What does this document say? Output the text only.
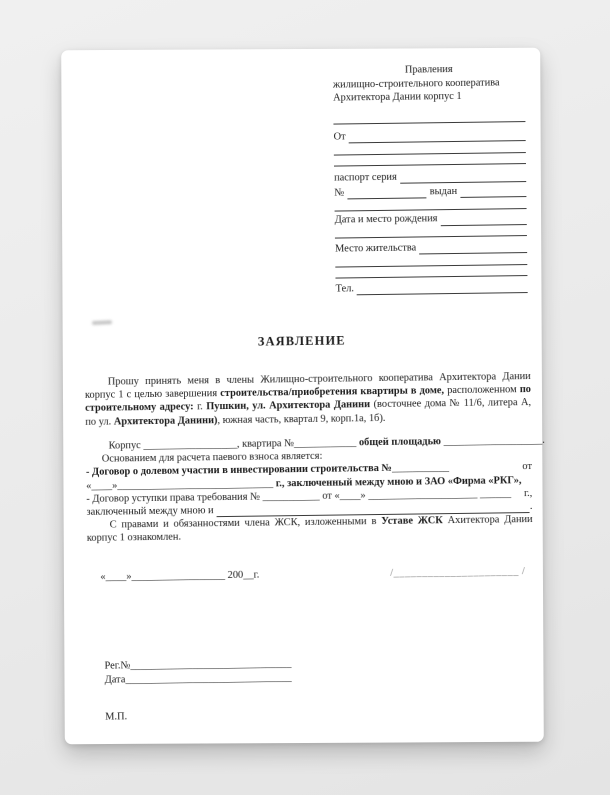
Правления
жилищно-строительного кооператива
Архитектора Дании корпус 1
От
паспорт серия
№	выдан
Дата и место рождения
Место жительства
Тел.
ЗАЯВЛЕНИЕ
Прошу принять меня в члены Жилищно-строительного кооператива Архитектора Дании корпус 1 с целью завершения строительства/приобретения квартиры в доме, расположенном по строительному адресу: г. Пушкин, ул. Архитектора Данини (восточнее дома № 11/6, литера А, по ул. Архитектора Данини), южная часть, квартал 9, корп.1а, 1б).
Корпус __________________, квартира №____________ общей площадью ___________________.
Основанием для расчета паевого взноса является:
- Договор о долевом участии в инвестировании строительства №___________	от
«____»______________________________ г., заключенный между мною и ЗАО «Фирма «РКГ»,
- Договор уступки права требования № ___________ от «____» _____________________ ______ г.,
заключенный между мною и	.
С правами и обязанностями члена ЖСК, изложенными в Уставе ЖСК Ахитектора Дании корпус 1 ознакомлен.
«____»__________________ 200__г.	/______________________ /
Рег.№_______________________________
Дата________________________________
М.П.
